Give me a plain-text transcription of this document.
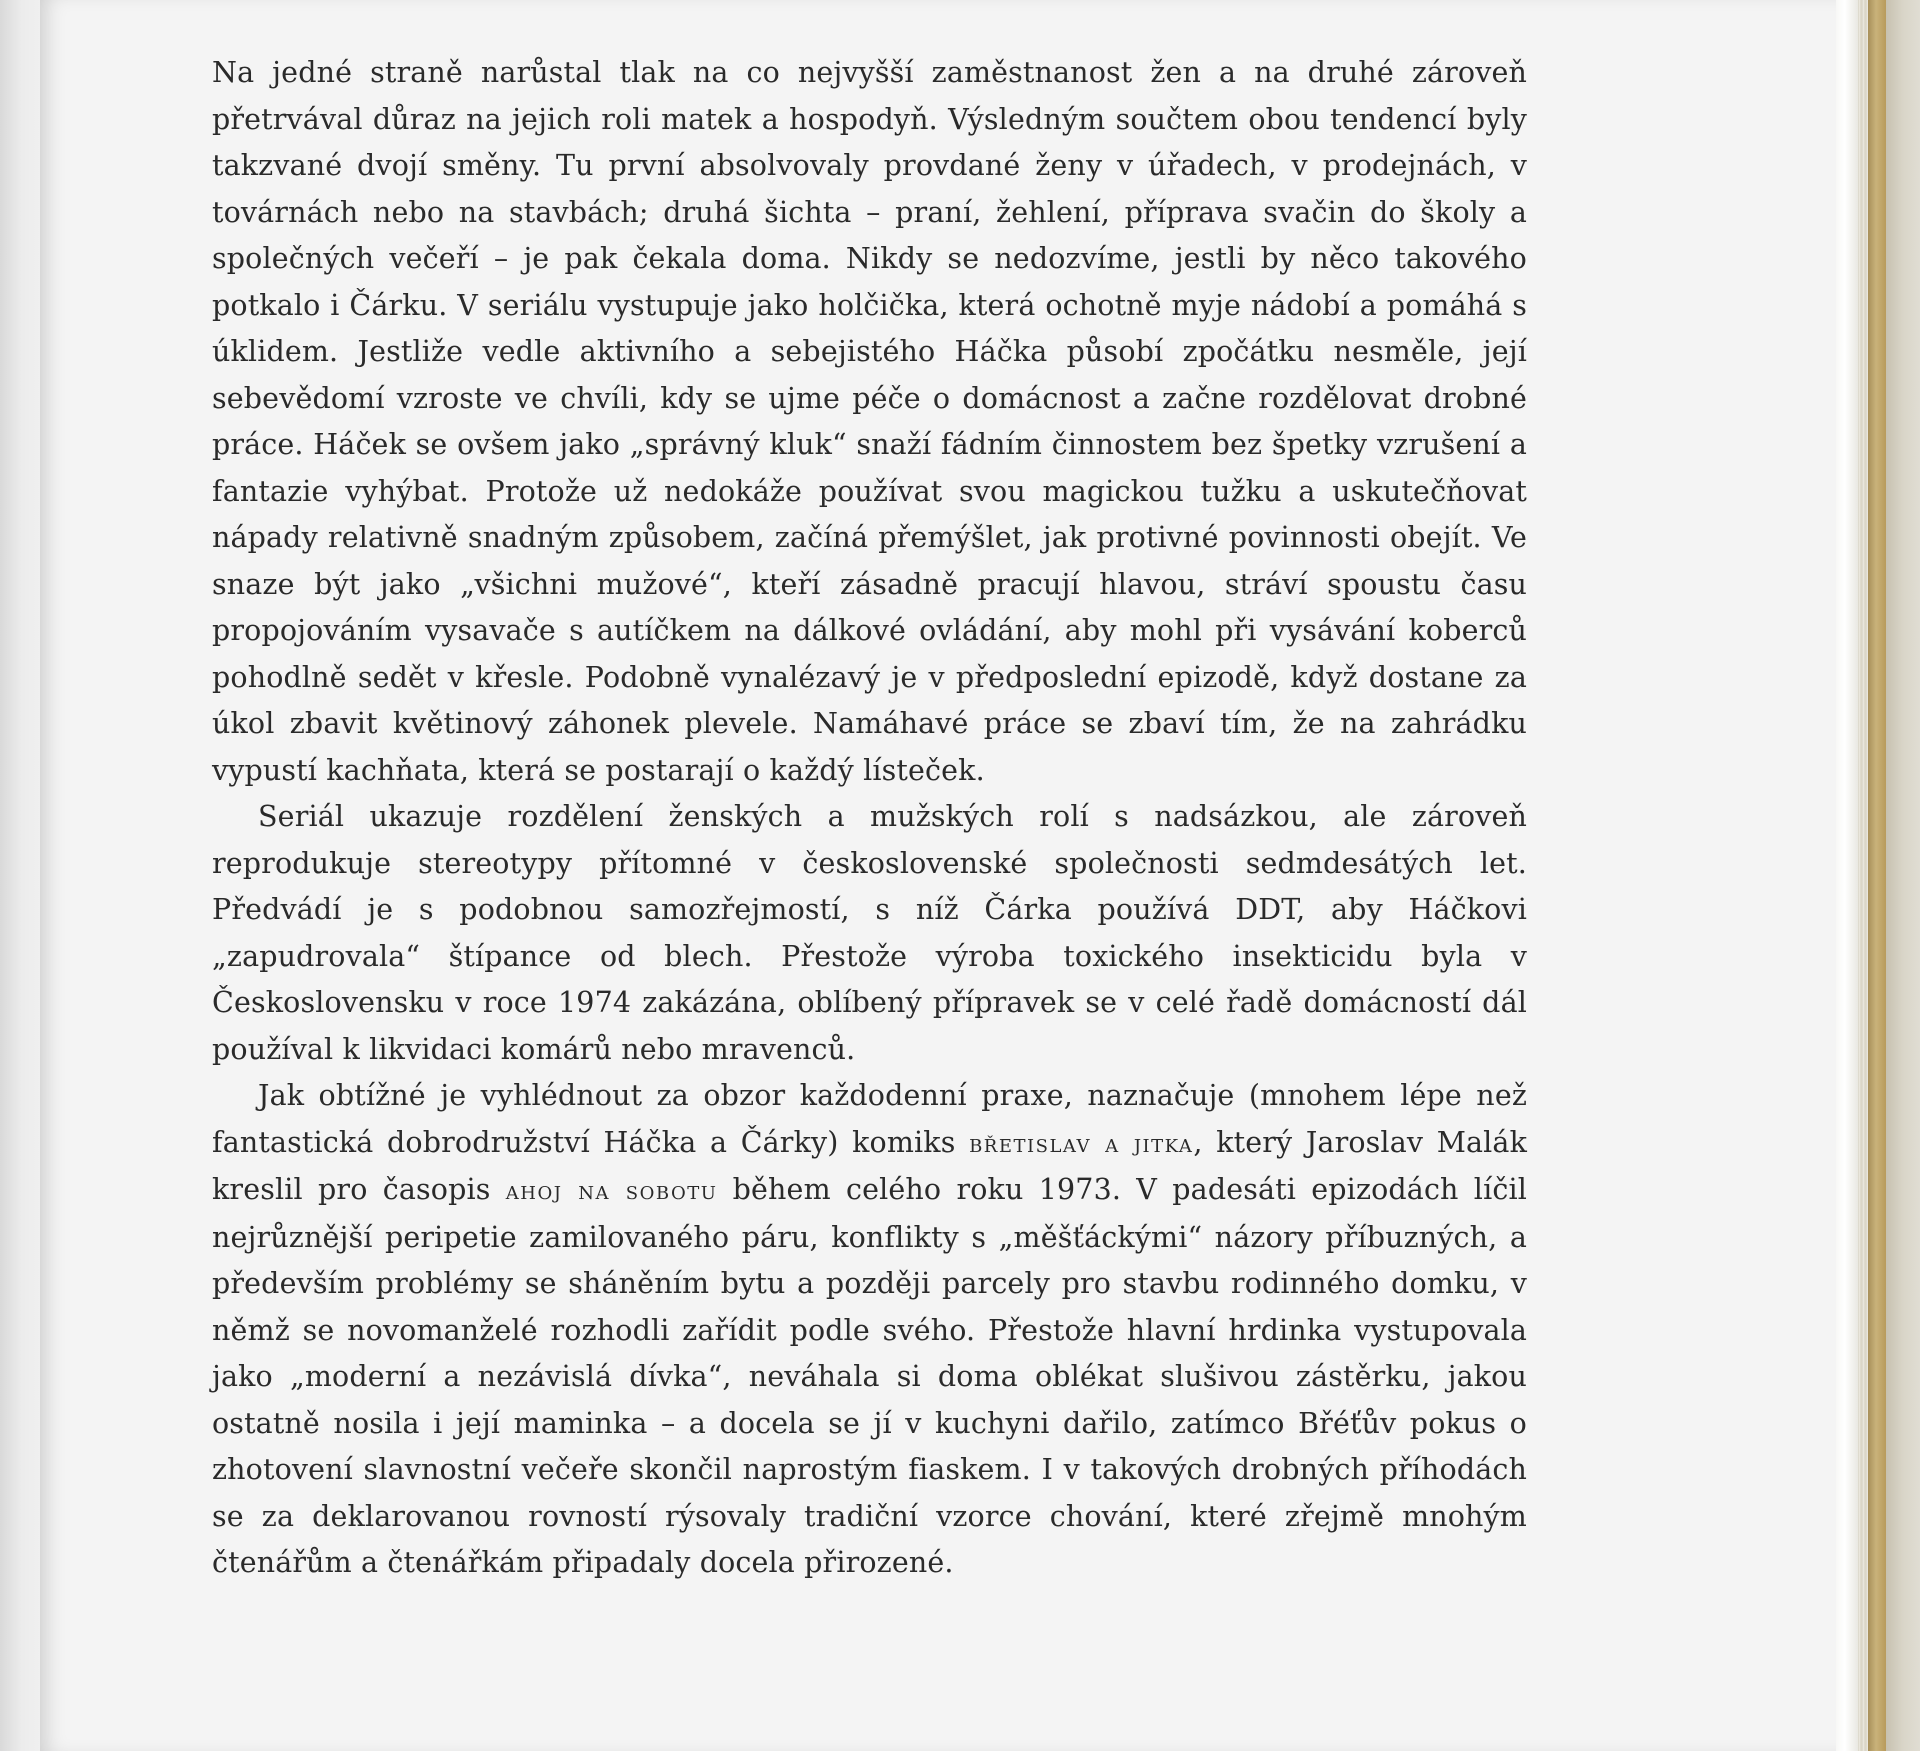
Na jedné straně narůstal tlak na co nejvyšší zaměstnanost žen a na druhé zároveň přetrvával důraz na jejich roli matek a hospodyň. Výsledným součtem obou tendencí byly takzvané dvojí směny. Tu první absolvovaly provdané ženy v úřadech, v prodejnách, v továrnách nebo na stavbách; druhá šichta – praní, žehlení, příprava svačin do školy a společných večeří – je pak čekala doma. Nikdy se nedozvíme, jestli by něco takového potkalo i Čárku. V seriálu vystupuje jako holčička, která ochotně myje nádobí a pomáhá s úklidem. Jestliže vedle aktivního a sebejistého Háčka působí zpočátku nesměle, její sebevědomí vzroste ve chvíli, kdy se ujme péče o domácnost a začne rozdělovat drobné práce. Háček se ovšem jako „správný kluk“ snaží fádním činnostem bez špetky vzrušení a fantazie vyhýbat. Protože už nedokáže používat svou magickou tužku a uskutečňovat nápady relativně snadným způsobem, začíná přemýšlet, jak protivné povinnosti obejít. Ve snaze být jako „všichni mužové“, kteří zásadně pracují hlavou, stráví spoustu času propojováním vysavače s autíčkem na dálkové ovládání, aby mohl při vysávání koberců pohodlně sedět v křesle. Podobně vynalézavý je v předposlední epizodě, když dostane za úkol zbavit květinový záhonek plevele. Namáhavé práce se zbaví tím, že na zahrádku vypustí kachňata, která se postarají o každý lísteček.

Seriál ukazuje rozdělení ženských a mužských rolí s nadsázkou, ale zároveň reprodukuje stereotypy přítomné v československé společnosti sedmdesátých let. Předvádí je s podobnou samozřejmostí, s níž Čárka používá DDT, aby Háčkovi „zapudrovala“ štípance od blech. Přestože výroba toxického insekticidu byla v Československu v roce 1974 zakázána, oblíbený přípravek se v celé řadě domácností dál používal k likvidaci komárů nebo mravenců.

Jak obtížné je vyhlédnout za obzor každodenní praxe, naznačuje (mnohem lépe než fantastická dobrodružství Háčka a Čárky) komiks břetislav a jitka, který Jaroslav Malák kreslil pro časopis ahoj na sobotu během celého roku 1973. V padesáti epizodách líčil nejrůznější peripetie zamilovaného páru, konflikty s „měšťáckými“ názory příbuzných, a především problémy se sháněním bytu a později parcely pro stavbu rodinného domku, v němž se novomanželé rozhodli zařídit podle svého. Přestože hlavní hrdinka vystupovala jako „moderní a nezávislá dívka“, neváhala si doma oblékat slušivou zástěrku, jakou ostatně nosila i její maminka – a docela se jí v kuchyni dařilo, zatímco Břéťův pokus o zhotovení slavnostní večeře skončil naprostým fiaskem. I v takových drobných příhodách se za deklarovanou rovností rýsovaly tradiční vzorce chování, které zřejmě mnohým čtenářům a čtenářkám připadaly docela přirozené.
